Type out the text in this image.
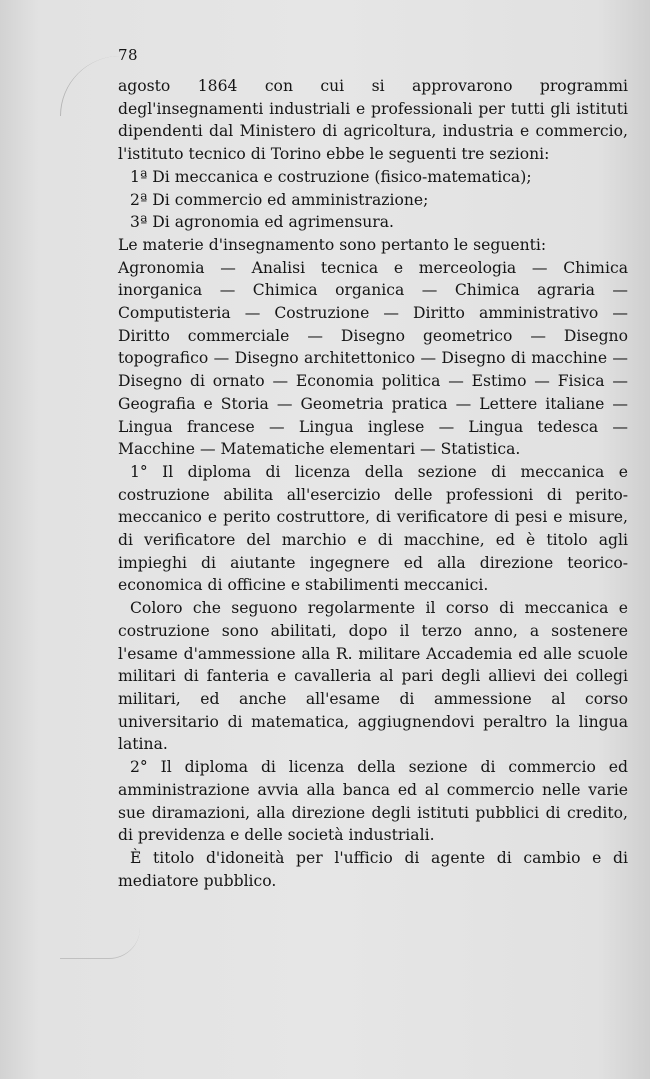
78

agosto 1864 con cui si approvarono programmi degl'insegnamenti industriali e professionali per tutti gli istituti dipendenti dal Ministero di agricoltura, industria e commercio, l'istituto tecnico di Torino ebbe le seguenti tre sezioni:

1ª Di meccanica e costruzione (fisico-matematica);

2ª Di commercio ed amministrazione;

3ª Di agronomia ed agrimensura.

Le materie d'insegnamento sono pertanto le seguenti:

Agronomia — Analisi tecnica e merceologia — Chimica inorganica — Chimica organica — Chimica agraria — Computisteria — Costruzione — Diritto amministrativo — Diritto commerciale — Disegno geometrico — Disegno topografico — Disegno architettonico — Disegno di macchine — Disegno di ornato — Economia politica — Estimo — Fisica — Geografia e Storia — Geometria pratica — Lettere italiane — Lingua francese — Lingua inglese — Lingua tedesca — Macchine — Matematiche elementari — Statistica.

1° Il diploma di licenza della sezione di meccanica e costruzione abilita all'esercizio delle professioni di perito-meccanico e perito costruttore, di verificatore di pesi e misure, di verificatore del marchio e di macchine, ed è titolo agli impieghi di aiutante ingegnere ed alla direzione teorico-economica di officine e stabilimenti meccanici.

Coloro che seguono regolarmente il corso di meccanica e costruzione sono abilitati, dopo il terzo anno, a sostenere l'esame d'ammessione alla R. militare Accademia ed alle scuole militari di fanteria e cavalleria al pari degli allievi dei collegi militari, ed anche all'esame di ammessione al corso universitario di matematica, aggiugnendovi peraltro la lingua latina.

2° Il diploma di licenza della sezione di commercio ed amministrazione avvia alla banca ed al commercio nelle varie sue diramazioni, alla direzione degli istituti pubblici di credito, di previdenza e delle società industriali.

È titolo d'idoneità per l'ufficio di agente di cambio e di mediatore pubblico.
